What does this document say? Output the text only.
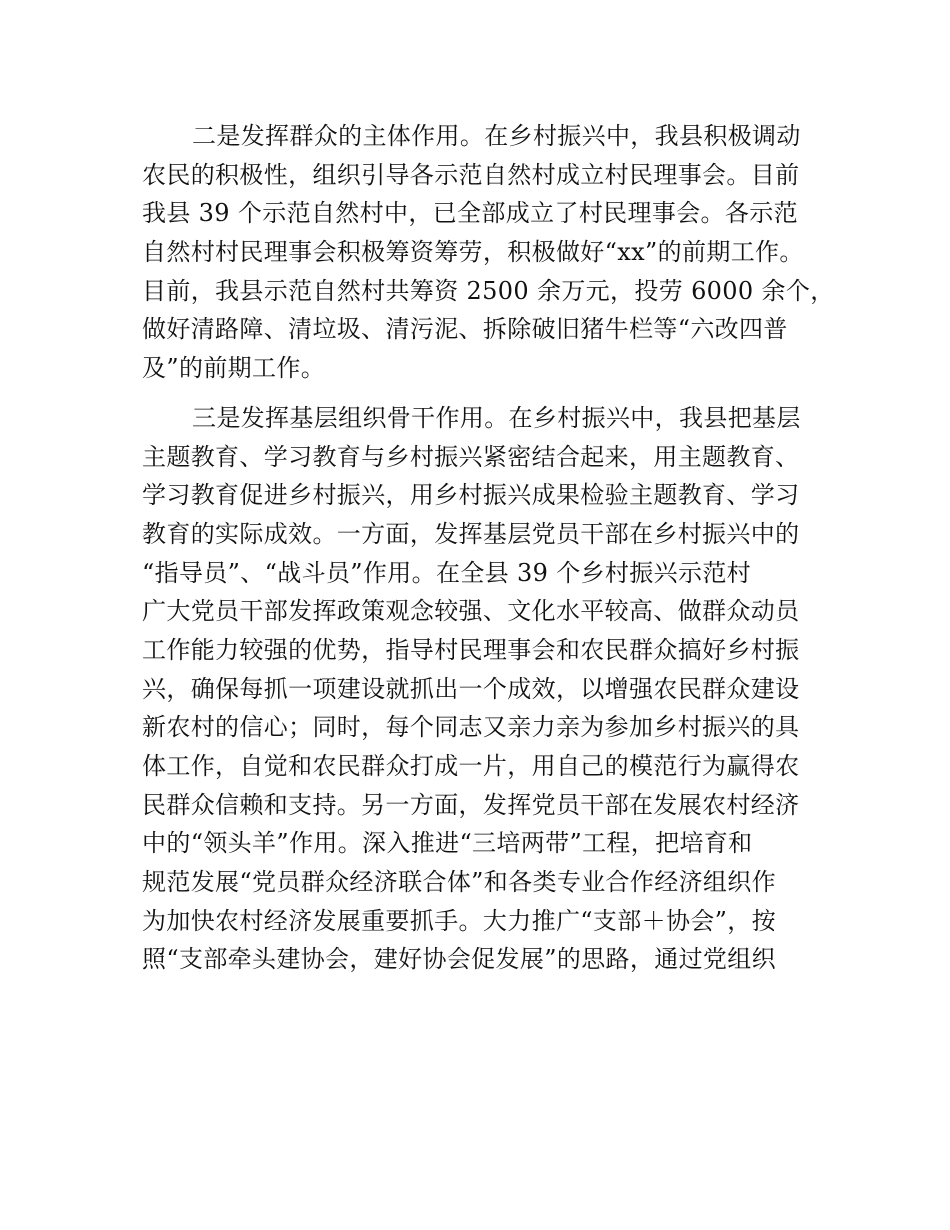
二是发挥群众的主体作用。在乡村振兴中，我县积极调动
农民的积极性，组织引导各示范自然村成立村民理事会。目前
我县 39 个示范自然村中，已全部成立了村民理事会。各示范
自然村村民理事会积极筹资筹劳，积极做好“xx”的前期工作。
目前，我县示范自然村共筹资 2500 余万元，投劳 6000 余个，
做好清路障、清垃圾、清污泥、拆除破旧猪牛栏等“六改四普
及”的前期工作。
三是发挥基层组织骨干作用。在乡村振兴中，我县把基层
主题教育、学习教育与乡村振兴紧密结合起来，用主题教育、
学习教育促进乡村振兴，用乡村振兴成果检验主题教育、学习
教育的实际成效。一方面，发挥基层党员干部在乡村振兴中的
“指导员”、“战斗员”作用。在全县 39 个乡村振兴示范村
广大党员干部发挥政策观念较强、文化水平较高、做群众动员
工作能力较强的优势，指导村民理事会和农民群众搞好乡村振
兴，确保每抓一项建设就抓出一个成效，以增强农民群众建设
新农村的信心；同时，每个同志又亲力亲为参加乡村振兴的具
体工作，自觉和农民群众打成一片，用自己的模范行为赢得农
民群众信赖和支持。另一方面，发挥党员干部在发展农村经济
中的“领头羊”作用。深入推进“三培两带”工程，把培育和
规范发展“党员群众经济联合体”和各类专业合作经济组织作
为加快农村经济发展重要抓手。大力推广“支部＋协会”，按
照“支部牵头建协会，建好协会促发展”的思路，通过党组织
